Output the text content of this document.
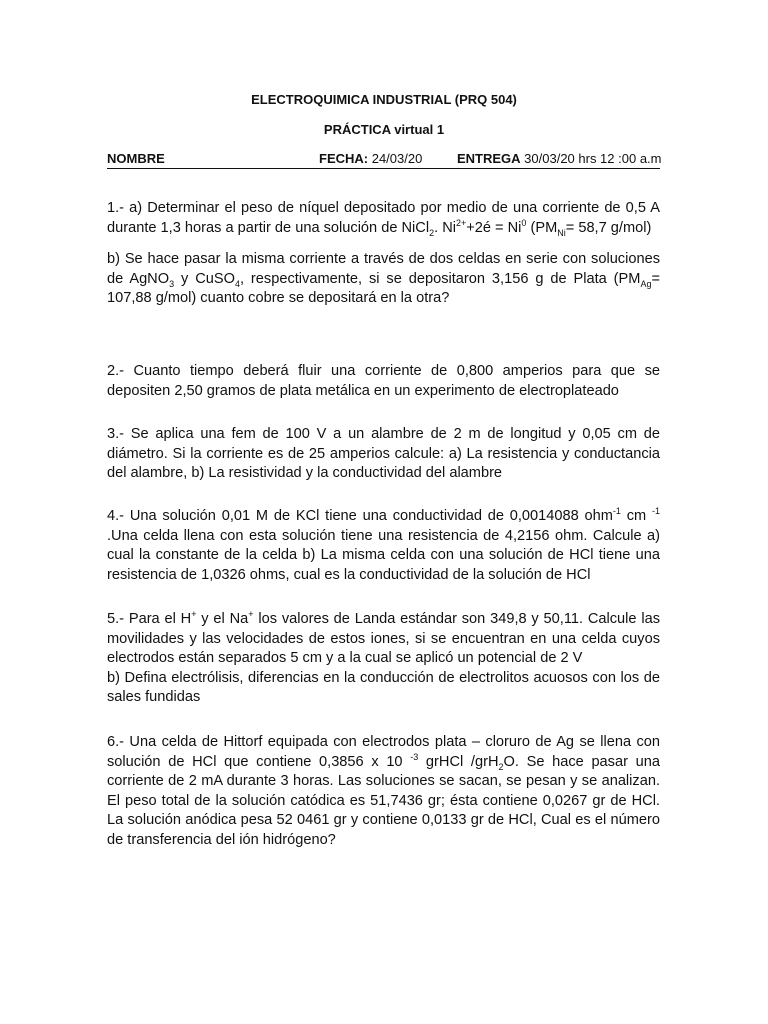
ELECTROQUIMICA INDUSTRIAL (PRQ 504)
PRÁCTICA virtual 1
NOMBRE	FECHA: 24/03/20	ENTREGA 30/03/20 hrs 12 :00 a.m

1.- a) Determinar el peso de níquel depositado por medio de una corriente de 0,5 A durante 1,3 horas a partir de una solución de NiCl$_2$. $Ni^{2+}+2é = Ni^0$ ($PM_{Ni}= 58,7$ g/mol)

b) Se hace pasar la misma corriente a través de dos celdas en serie con soluciones de AgNO$_3$ y CuSO$_4$, respectivamente, si se depositaron 3,156 g de Plata ($PM_{Ag}= 107,88$ g/mol) cuanto cobre se depositará en la otra?

2.- Cuanto tiempo deberá fluir una corriente de 0,800 amperios para que se depositen 2,50 gramos de plata metálica en un experimento de electroplateado

3.- Se aplica una fem de 100 V a un alambre de 2 m de longitud y 0,05 cm de diámetro. Si la corriente es de 25 amperios calcule: a) La resistencia y conductancia del alambre, b) La resistividad y la conductividad del alambre

4.- Una solución 0,01 M de KCl tiene una conductividad de 0,0014088 ohm$^{-1}$ cm $^{-1}$ .Una celda llena con esta solución tiene una resistencia de 4,2156 ohm. Calcule a) cual la constante de la celda b) La misma celda con una solución de HCl tiene una resistencia de 1,0326 ohms, cual es la conductividad de la solución de HCl

5.- Para el H+ y el Na+ los valores de Landa estándar son 349,8 y 50,11. Calcule las movilidades y las velocidades de estos iones, si se encuentran en una celda cuyos electrodos están separados 5 cm y a la cual se aplicó un potencial de 2 V

b) Defina electrólisis, diferencias en la conducción de electrolitos acuosos con los de sales fundidas

6.- Una celda de Hittorf equipada con electrodos plata – cloruro de Ag se llena con solución de HCl que contiene 0,3856 x 10 $^{-3}$ grHCl /grH$_2$O. Se hace pasar una corriente de 2 mA durante 3 horas. Las soluciones se sacan, se pesan y se analizan. El peso total de la solución catódica es 51,7436 gr; ésta contiene 0,0267 gr de HCl. La solución anódica pesa 52 0461 gr y contiene 0,0133 gr de HCl, Cual es el número de transferencia del ión hidrógeno?
